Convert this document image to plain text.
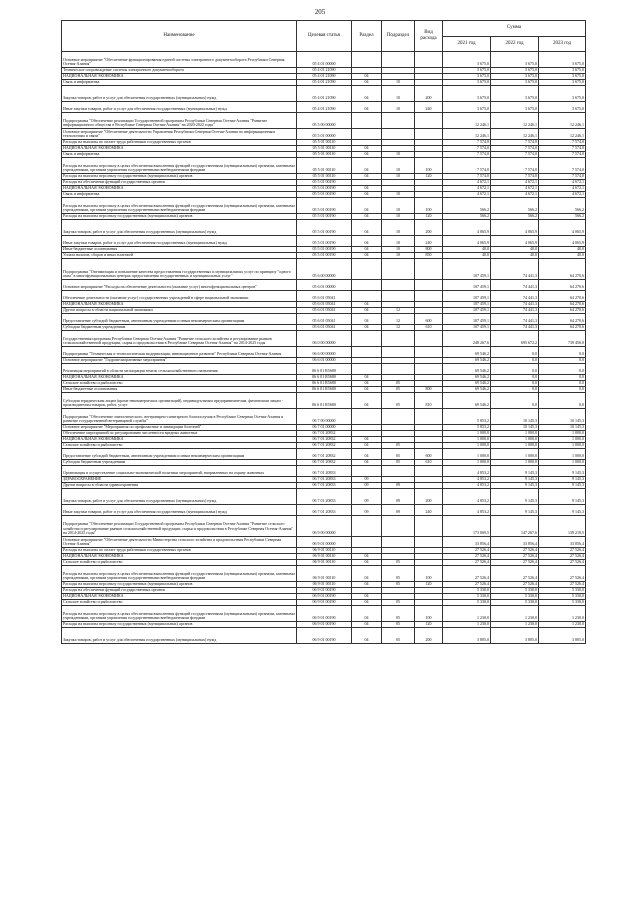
205
Наименование	Целевая статья	Раздел	Подраздел	Вид расхода	Сумма		
					2021 год	2022 год	2023 год
Основное мероприятие "Обеспечение функционирования единой системы электронного документооборота Республики Северная Осетия-Алания"	05 4 01 00000				3 675,0	3 675,0	3 675,0
Техническое сопровождение системы электронного документооборота	05 4 01 21090				3 675,0	3 675,0	3 675,0
НАЦИОНАЛЬНАЯ ЭКОНОМИКА	05 4 01 21090	04			3 675,0	3 675,0	3 675,0
Связь и информатика	05 4 01 21090	04	10		3 675,0	3 675,0	3 675,0
Закупка товаров, работ и услуг для обеспечения государственных (муниципальных) нужд	05 4 01 21090	04	10	200	3 675,0	3 675,0	3 675,0
Иные закупки товаров, работ и услуг для обеспечения государственных (муниципальных) нужд	05 4 01 21090	04	10	240	3 675,0	3 675,0	3 675,0
Подпрограмма "Обеспечение реализации Государственной программы Республики Северная Осетия-Алания "Развитие информационного общества в Республике Северная Осетия-Алания" на 2020-2022 годы"	05 5 00 00000				12 246,1	12 246,1	12 246,1
Основное мероприятие "Обеспечение деятельности Управления Республики Северная Осетия-Алания по информационным технологиям и связи"	05 5 01 00000				12 246,1	12 246,1	12 246,1
Расходы на выплаты по оплате труда работников государственных органов	05 5 01 00110				7 574,0	7 574,0	7 574,0
НАЦИОНАЛЬНАЯ ЭКОНОМИКА	05 5 01 00110	04			7 574,0	7 574,0	7 574,0
Связь и информатика	05 5 01 00110	04	10		7 574,0	7 574,0	7 574,0
Расходы на выплаты персоналу в целях обеспечения выполнения функций государственными (муниципальными) органами, казенными учреждениями, органами управления государственными внебюджетными фондами	05 5 01 00110	04	10	100	7 574,0	7 574,0	7 574,0
Расходы на выплаты персоналу государственных (муниципальных) органов	05 5 01 00110	04	10	120	7 574,0	7 574,0	7 574,0
Расходы на обеспечение функций государственных органов	05 5 01 00190				4 672,1	4 672,1	4 672,1
НАЦИОНАЛЬНАЯ ЭКОНОМИКА	05 5 01 00190	04			4 672,1	4 672,1	4 672,1
Связь и информатика	05 5 01 00190	04	10		4 672,1	4 672,1	4 672,1
Расходы на выплаты персоналу в целях обеспечения выполнения функций государственными (муниципальными) органами, казенными учреждениями, органами управления государственными внебюджетными фондами	05 5 01 00190	04	10	100	566,2	566,2	566,2
Расходы на выплаты персоналу государственных (муниципальных) органов	05 5 01 00190	04	10	120	566,2	566,2	566,2
Закупка товаров, работ и услуг для обеспечения государственных (муниципальных) нужд	05 5 01 00190	04	10	200	4 065,9	4 065,9	4 065,9
Иные закупки товаров, работ и услуг для обеспечения государственных (муниципальных) нужд	05 5 01 00190	04	10	240	4 065,9	4 065,9	4 065,9
Иные бюджетные ассигнования	05 5 01 00190	04	10	800	40,0	40,0	40,0
Уплата налогов, сборов и иных платежей	05 5 01 00190	04	10	850	40,0	40,0	40,0
Подпрограмма "Оптимизация и повышение качества предоставления государственных и муниципальных услуг по принципу "одного окна" в многофункциональных центрах предоставления государственных и муниципальных услуг"	05 6 00 00000				107 459,1	74 441,3	64 270,6
Основное мероприятие "Расходы на обеспечение деятельности (оказание услуг) многофункциональных центров"	05 6 01 00000				107 459,1	74 441,3	64 270,6
Обеспечение деятельности (оказание услуг) государственных учреждений в сфере национальной экономики	05 6 01 05041				107 459,1	74 441,3	64 270,6
НАЦИОНАЛЬНАЯ ЭКОНОМИКА	05 6 01 05041	04			107 459,1	74 441,3	64 270,6
Другие вопросы в области национальной экономики	05 6 01 05041	04	12		107 459,1	74 441,3	64 270,6
Предоставление субсидий бюджетным, автономным учреждениям и иным некоммерческим организациям	05 6 01 05041	04	12	600	107 459,1	74 441,3	64 270,6
Субсидии бюджетным учреждениям	05 6 01 05041	04	12	610	107 459,1	74 441,3	64 270,6
Государственная программа Республики Северная Осетия-Алания "Развитие сельского хозяйства и регулирование рынков сельскохозяйственной продукции, сырья и продовольствия в Республике Северная Осетия-Алания" на 2014-2025 годы	06 0 00 00000				248 267,6	695 672,2	739 456,0
Подпрограмма "Техническая и технологическая модернизация, инновационное развитие" Республики Северная Осетия-Алания	06 6 00 00000				69 546,2	0,0	0,0
Основное мероприятие "Гидромелиоративные мероприятия"	06 6 01 00000				69 546,2	0,0	0,0
Реализация мероприятий в области мелиорации земель сельскохозяйственного назначения	06 6 01 R5680				69 546,2	0,0	0,0
НАЦИОНАЛЬНАЯ ЭКОНОМИКА	06 6 01 R5680	04			69 546,2	0,0	0,0
Сельское хозяйство и рыболовство	06 6 01 R5680	04	05		69 546,2	0,0	0,0
Иные бюджетные ассигнования	06 6 01 R5680	04	05	800	69 546,2	0,0	0,0
Субсидии юридическим лицам (кроме некоммерческих организаций), индивидуальным предпринимателям, физическим лицам - производителям товаров, работ, услуг	06 6 01 R5680	04	05	810	69 546,2	0,0	0,0
Подпрограмма "Обеспечение эпизоотического, ветеринарно-санитарного благополучия в Республике Северная Осетия-Алания и развитие государственной ветеринарной службы"	06 7 00 00000				5 853,2	10 145,3	10 145,3
Основное мероприятие "Мероприятия по профилактике и ликвидации болезней"	06 7 01 00000				5 853,2	10 145,3	10 145,3
Обеспечение мероприятий по регулированию численности вредных животных	06 7 01 20832				1 000,0	1 000,0	1 000,0
НАЦИОНАЛЬНАЯ ЭКОНОМИКА	06 7 01 20832	04			1 000,0	1 000,0	1 000,0
Сельское хозяйство и рыболовство	06 7 01 20832	04	05		1 000,0	1 000,0	1 000,0
Предоставление субсидий бюджетным, автономным учреждениям и иным некоммерческим организациям	06 7 01 20832	04	05	600	1 000,0	1 000,0	1 000,0
Субсидии бюджетным учреждениям	06 7 01 20832	04	05	610	1 000,0	1 000,0	1 000,0
Организация и осуществление социально-экономической политики мероприятий, направленных на охрану животных	06 7 01 20833				4 853,2	9 145,3	9 145,3
ЗДРАВООХРАНЕНИЕ	06 7 01 20833	09			4 853,2	9 145,3	9 145,3
Другие вопросы в области здравоохранения	06 7 01 20833	09	09		4 853,2	9 145,3	9 145,3
Закупка товаров, работ и услуг для обеспечения государственных (муниципальных) нужд	06 7 01 20833	09	09	200	4 853,2	9 145,3	9 145,3
Иные закупки товаров, работ и услуг для обеспечения государственных (муниципальных) нужд	06 7 01 20833	09	09	240	4 853,2	9 145,3	9 145,3
Подпрограмма "Обеспечение реализации Государственной программы Республики Северная Осетия-Алания "Развитие сельского хозяйства и регулирование рынков сельскохозяйственной продукции, сырья и продовольствия в Республике Северная Осетия-Алания" на 2014-2025 годы"	06 9 00 00000				173 069,5	147 267,6	139 219,5
Основное мероприятие "Обеспечение деятельности Министерства сельского хозяйства и продовольствия Республики Северная Осетия-Алания"	06 9 01 00000				33 856,4	33 856,4	33 856,4
Расходы на выплаты по оплате труда работников государственных органов	06 9 01 00110				27 526,4	27 526,4	27 526,4
НАЦИОНАЛЬНАЯ ЭКОНОМИКА	06 9 01 00110	04			27 526,4	27 526,4	27 526,4
Сельское хозяйство и рыболовство	06 9 01 00110	04	05		27 526,4	27 526,4	27 526,4
Расходы на выплаты персоналу в целях обеспечения выполнения функций государственными (муниципальными) органами, казенными учреждениями, органами управления государственными внебюджетными фондами	06 9 01 00110	04	05	100	27 526,4	27 526,4	27 526,4
Расходы на выплаты персоналу государственных (муниципальных) органов	06 9 01 00110	04	05	120	27 526,4	27 526,4	27 526,4
Расходы на обеспечение функций государственных органов	06 9 01 00190				5 330,0	5 330,0	5 330,0
НАЦИОНАЛЬНАЯ ЭКОНОМИКА	06 9 01 00190	04			5 330,0	5 330,0	5 330,0
Сельское хозяйство и рыболовство	06 9 01 00190	04	05		5 330,0	5 330,0	5 330,0
Расходы на выплаты персоналу в целях обеспечения выполнения функций государственными (муниципальными) органами, казенными учреждениями, органами управления государственными внебюджетными фондами	06 9 01 00190	04	05	100	1 230,0	1 230,0	1 230,0
Расходы на выплаты персоналу государственных (муниципальных) органов	06 9 01 00190	04	05	120	1 230,0	1 230,0	1 230,0
Закупка товаров, работ и услуг для обеспечения государственных (муниципальных) нужд	06 9 01 00190	04	05	200	3 805,0	3 805,0	3 805,0
